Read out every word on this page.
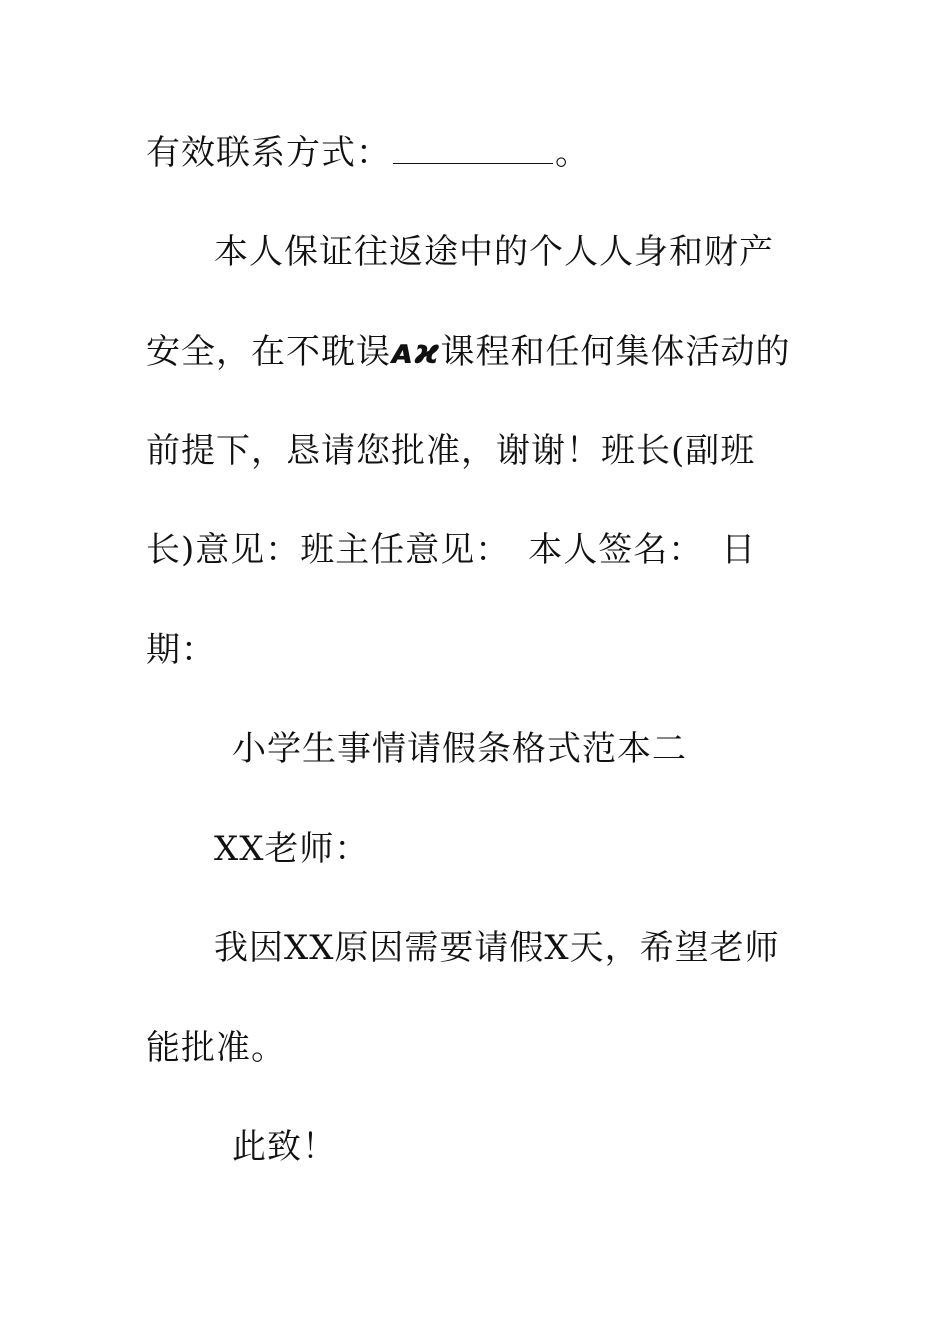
有效联系方式：	。
本人保证往返途中的个人人身和财产
安全，在不耽误ᴀϰ课程和任何集体活动的
前提下，恳请您批准，谢谢！班长(副班
长)意见：班主任意见：　本人签名：　日
期：
小学生事情请假条格式范本二
XX老师：
我因XX原因需要请假X天，希望老师
能批准。
此致！
